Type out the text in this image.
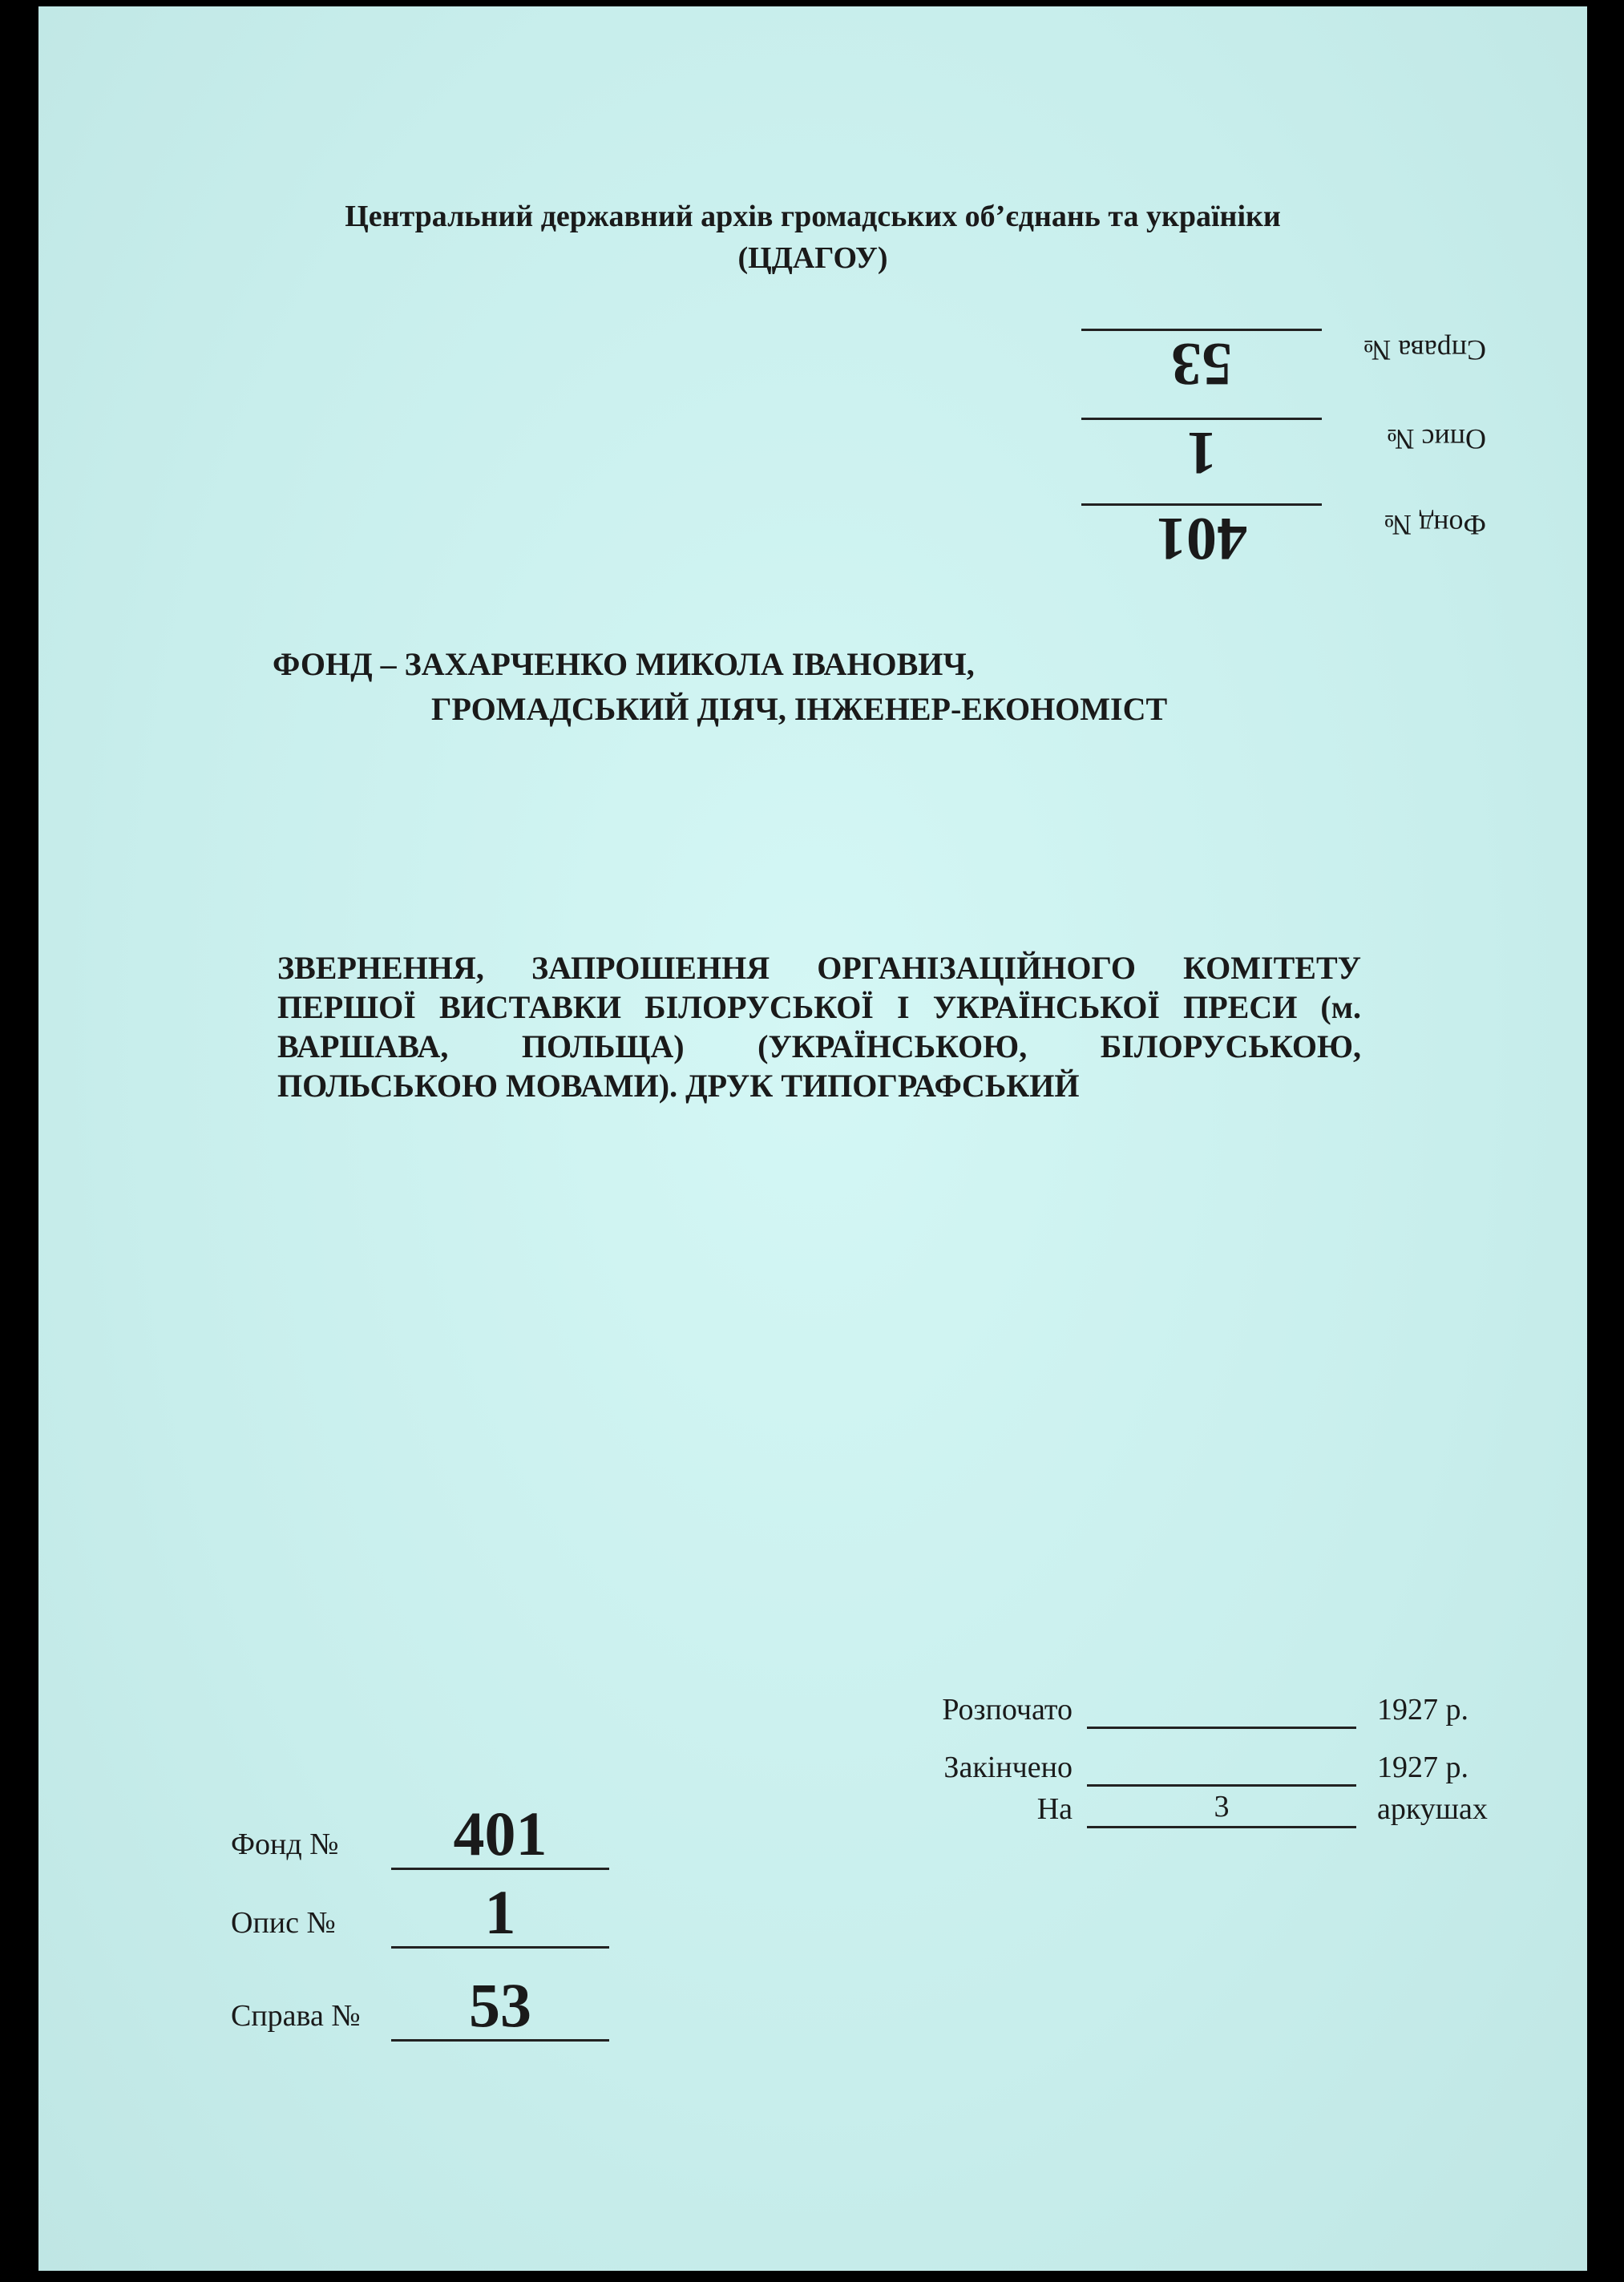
Центральний державний архів громадських об’єднань та україніки
(ЦДАГОУ)
Фонд №
401
Опис №
1
Справа №
53
ФОНД – ЗАХАРЧЕНКО МИКОЛА ІВАНОВИЧ,
ГРОМАДСЬКИЙ ДІЯЧ, ІНЖЕНЕР-ЕКОНОМІСТ
ЗВЕРНЕННЯ, ЗАПРОШЕННЯ ОРГАНІЗАЦІЙНОГО КОМІТЕТУ ПЕРШОЇ ВИСТАВКИ БІЛОРУСЬКОЇ І УКРАЇНСЬКОЇ ПРЕСИ (м. ВАРШАВА, ПОЛЬЩА) (УКРАЇНСЬКОЮ, БІЛОРУСЬКОЮ, ПОЛЬСЬКОЮ МОВАМИ). ДРУК ТИПОГРАФСЬКИЙ
Розпочато	1927 р.
Закінчено	1927 р.
На	3	аркушах
Фонд №	401
Опис №	1
Справа №	53
